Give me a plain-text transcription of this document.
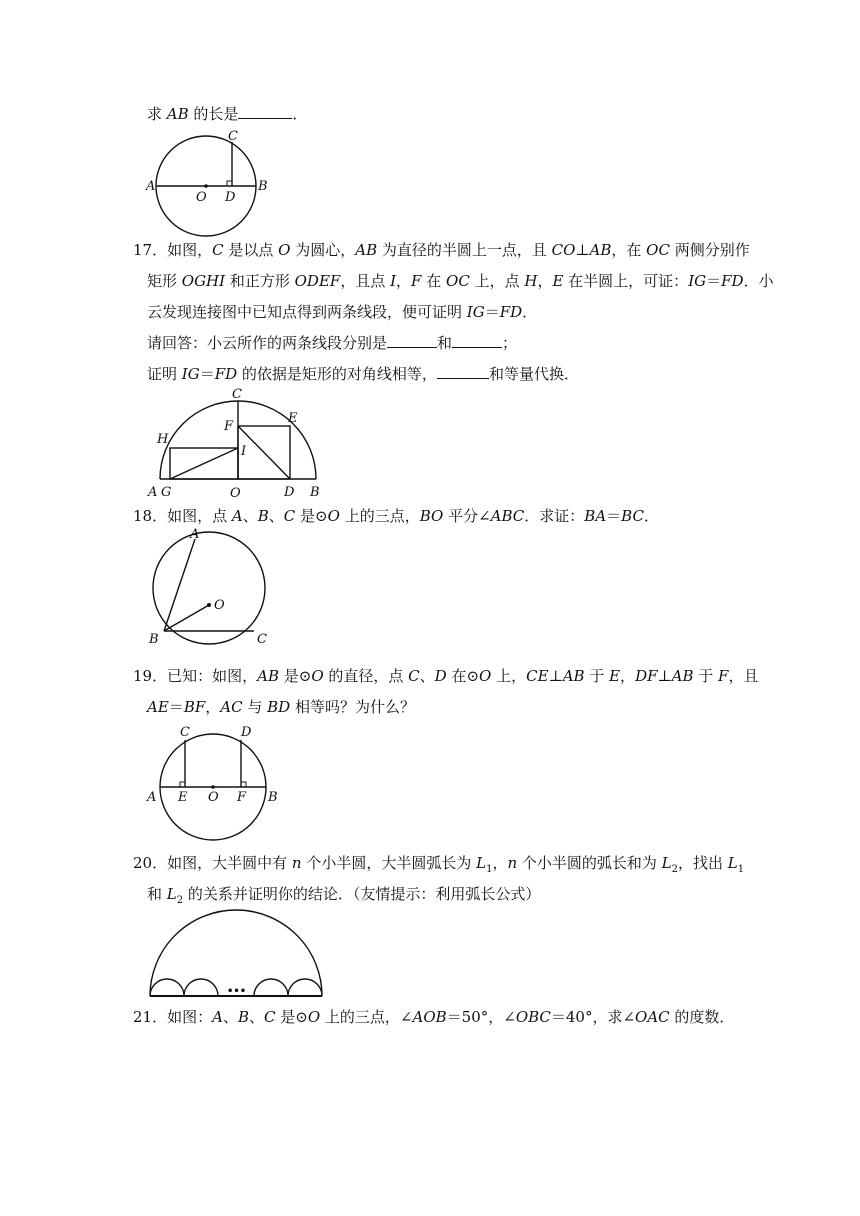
求 AB 的长是	．
A
O D
C
B
17．如图，C 是以点 O 为圆心，AB 为直径的半圆上一点，且 CO⊥AB，在 OC 两侧分别作
矩形 OGHI 和正方形 ODEF，且点 I，F 在 OC 上，点 H，E 在半圆上，可证：IG＝FD．小
云发现连接图中已知点得到两条线段，便可证明 IG＝FD．
请回答：小云所作的两条线段分别是	和	；
证明 IG＝FD 的依据是矩形的对角线相等，	和等量代换．
C
E
H
F
I
A G	O	D B
18．如图，点 A、B、C 是⊙O 上的三点，BO 平分∠ABC．求证：BA＝BC．
A
O
B	C
19．已知：如图，AB 是⊙O 的直径，点 C、D 在⊙O 上，CE⊥AB 于 E，DF⊥AB 于 F，且
AE＝BF，AC 与 BD 相等吗？为什么？
C	D
A E O F B
20．如图，大半圆中有 n 个小半圆，大半圆弧长为 $L_1$，n 个小半圆的弧长和为 $L_2$，找出 $L_1$
和 $L_2$ 的关系并证明你的结论．（友情提示：利用弧长公式）
•••
21．如图：A、B、C 是⊙O 上的三点，∠AOB＝50°，∠OBC＝40°，求∠OAC 的度数．
